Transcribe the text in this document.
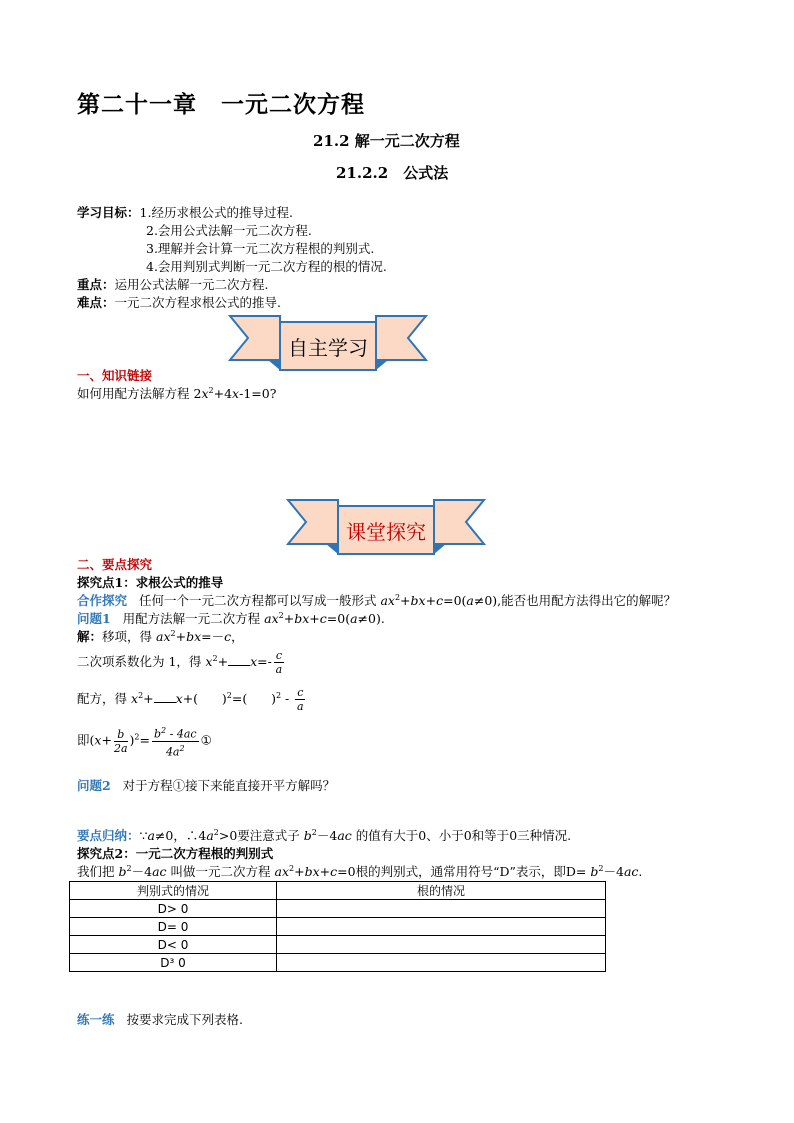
第二十一章　一元二次方程
21.2 解一元二次方程
21.2.2　公式法
学习目标：1.经历求根公式的推导过程.
2.会用公式法解一元二次方程.
3.理解并会计算一元二次方程根的判别式.
4.会用判别式判断一元二次方程的根的情况.
重点：运用公式法解一元二次方程.
难点：一元二次方程求根公式的推导.
自主学习
一、知识链接
如何用配方法解方程 $2x^2+4x-1=0$?
课堂探究
二、要点探究
探究点1：求根公式的推导
合作探究 任何一个一元二次方程都可以写成一般形式 $ax^2+bx+c=0(a\ne 0)$,能否也用配方法得出它的解呢？
问题1 用配方法解一元二次方程 $ax^2+bx+c=0(a\ne 0)$.
解：移项，得 $ax^2+bx=-c$，
二次项系数化为 1，得 $x^2+ x=- \frac{c}{a}$
配方，得 $x^2+ x+$(      )$^2$=(      )$^2 - \frac{c}{a}$
即$(x+ \frac{b}{2a} )^2= \frac{b^2 - 4ac}{4a^2}$ ①
问题2 对于方程①接下来能直接开平方解吗？
要点归纳：∵a≠0，$\therefore 4a^2>0$要注意式子 $b^2-4ac$ 的值有大于0、小于0和等于0三种情况.
探究点2：一元二次方程根的判别式
我们把 $b^2-4ac$ 叫做一元二次方程 $ax^2+bx+c=0$根的判别式，通常用符号“D”表示，即$D= b^2-4ac$.
判别式的情况	根的情况
D> 0	
D= 0	
D< 0	
D³ 0	
练一练 按要求完成下列表格.
